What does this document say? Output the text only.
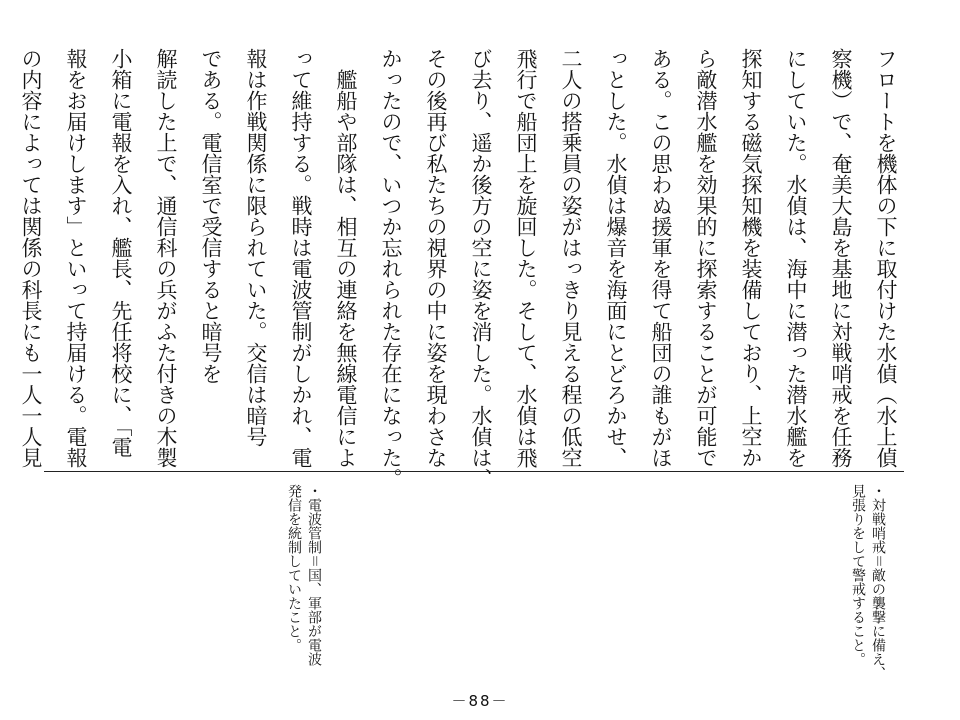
フロートを機体の下に取付けた水偵（水上偵

察機）で、奄美大島を基地に対戦哨戒を任務

にしていた。水偵は、海中に潜った潜水艦を

探知する磁気探知機を装備しており、上空か

ら敵潜水艦を効果的に探索することが可能で

ある。この思わぬ援軍を得て船団の誰もがほ

っとした。水偵は爆音を海面にとどろかせ、

二人の搭乗員の姿がはっきり見える程の低空

飛行で船団上を旋回した。そして、水偵は飛

び去り、遥か後方の空に姿を消した。水偵は、

その後再び私たちの視界の中に姿を現わさな

かったので、いつか忘れられた存在になった。

　艦船や部隊は、相互の連絡を無線電信によ

って維持する。戦時は電波管制がしかれ、電

報は作戦関係に限られていた。交信は暗号

である。電信室で受信すると暗号を

解読した上で、通信科の兵がふた付きの木製

小箱に電報を入れ、艦長、先任将校に、「電

報をお届けします」といって持届ける。電報

の内容によっては関係の科長にも一人一人見

・対戦哨戒＝敵の襲撃に備え、

見張りをして警戒すること。

・電波管制＝国、軍部が電波

発信を統制していたこと。

－88－
